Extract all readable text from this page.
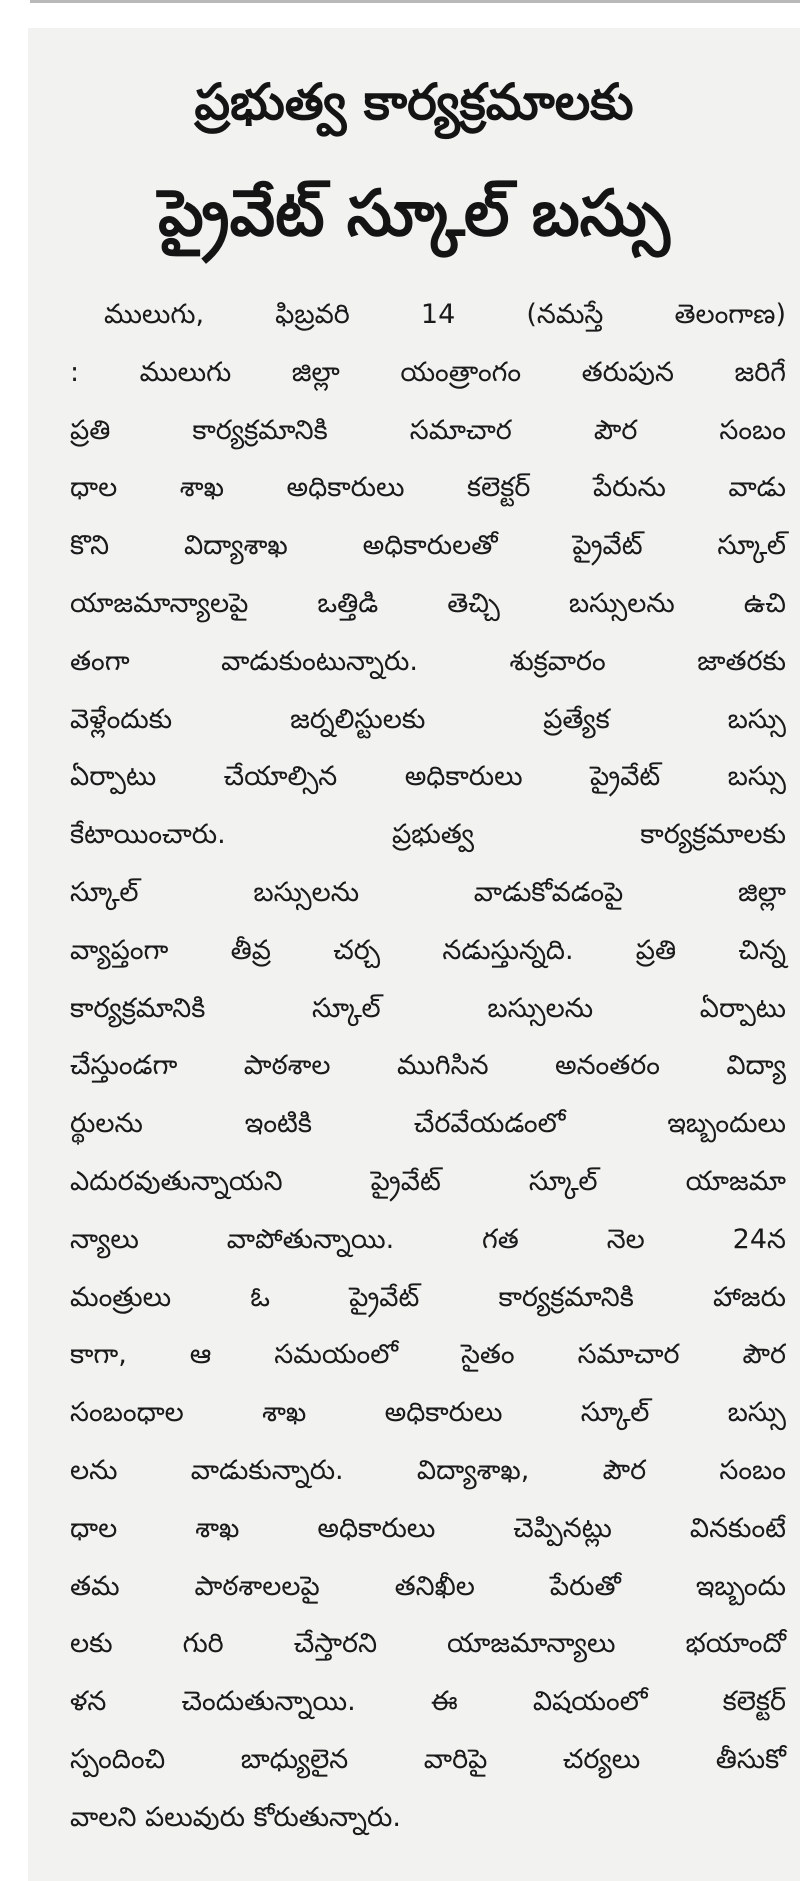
ప్రభుత్వ కార్యక్రమాలకు
ప్రైవేట్ స్కూల్ బస్సు
ములుగు, ఫిబ్రవరి 14 (నమస్తే తెలంగాణ)
: ములుగు జిల్లా యంత్రాంగం తరుపున జరిగే
ప్రతి కార్యక్రమానికి సమాచార పౌర సంబం
ధాల శాఖ అధికారులు కలెక్టర్ పేరును వాడు
కొని విద్యాశాఖ అధికారులతో ప్రైవేట్ స్కూల్
యాజమాన్యాలపై ఒత్తిడి తెచ్చి బస్సులను ఉచి
తంగా వాడుకుంటున్నారు. శుక్రవారం జాతరకు
వెళ్లేందుకు జర్నలిస్టులకు ప్రత్యేక బస్సు
ఏర్పాటు చేయాల్సిన అధికారులు ప్రైవేట్ బస్సు
కేటాయించారు. ప్రభుత్వ కార్యక్రమాలకు
స్కూల్ బస్సులను వాడుకోవడంపై జిల్లా
వ్యాప్తంగా తీవ్ర చర్చ నడుస్తున్నది. ప్రతి చిన్న
కార్యక్రమానికి స్కూల్ బస్సులను ఏర్పాటు
చేస్తుండగా పాఠశాల ముగిసిన అనంతరం విద్యా
ర్థులను ఇంటికి చేరవేయడంలో ఇబ్బందులు
ఎదురవుతున్నాయని ప్రైవేట్ స్కూల్ యాజమా
న్యాలు వాపోతున్నాయి. గత నెల 24న
మంత్రులు ఓ ప్రైవేట్ కార్యక్రమానికి హాజరు
కాగా, ఆ సమయంలో సైతం సమాచార పౌర
సంబంధాల శాఖ అధికారులు స్కూల్ బస్సు
లను వాడుకున్నారు. విద్యాశాఖ, పౌర సంబం
ధాల శాఖ అధికారులు చెప్పినట్లు వినకుంటే
తమ పాఠశాలలపై తనిఖీల పేరుతో ఇబ్బందు
లకు గురి చేస్తారని యాజమాన్యాలు భయాందో
ళన చెందుతున్నాయి. ఈ విషయంలో కలెక్టర్
స్పందించి బాధ్యులైన వారిపై చర్యలు తీసుకో
వాలని పలువురు కోరుతున్నారు.
